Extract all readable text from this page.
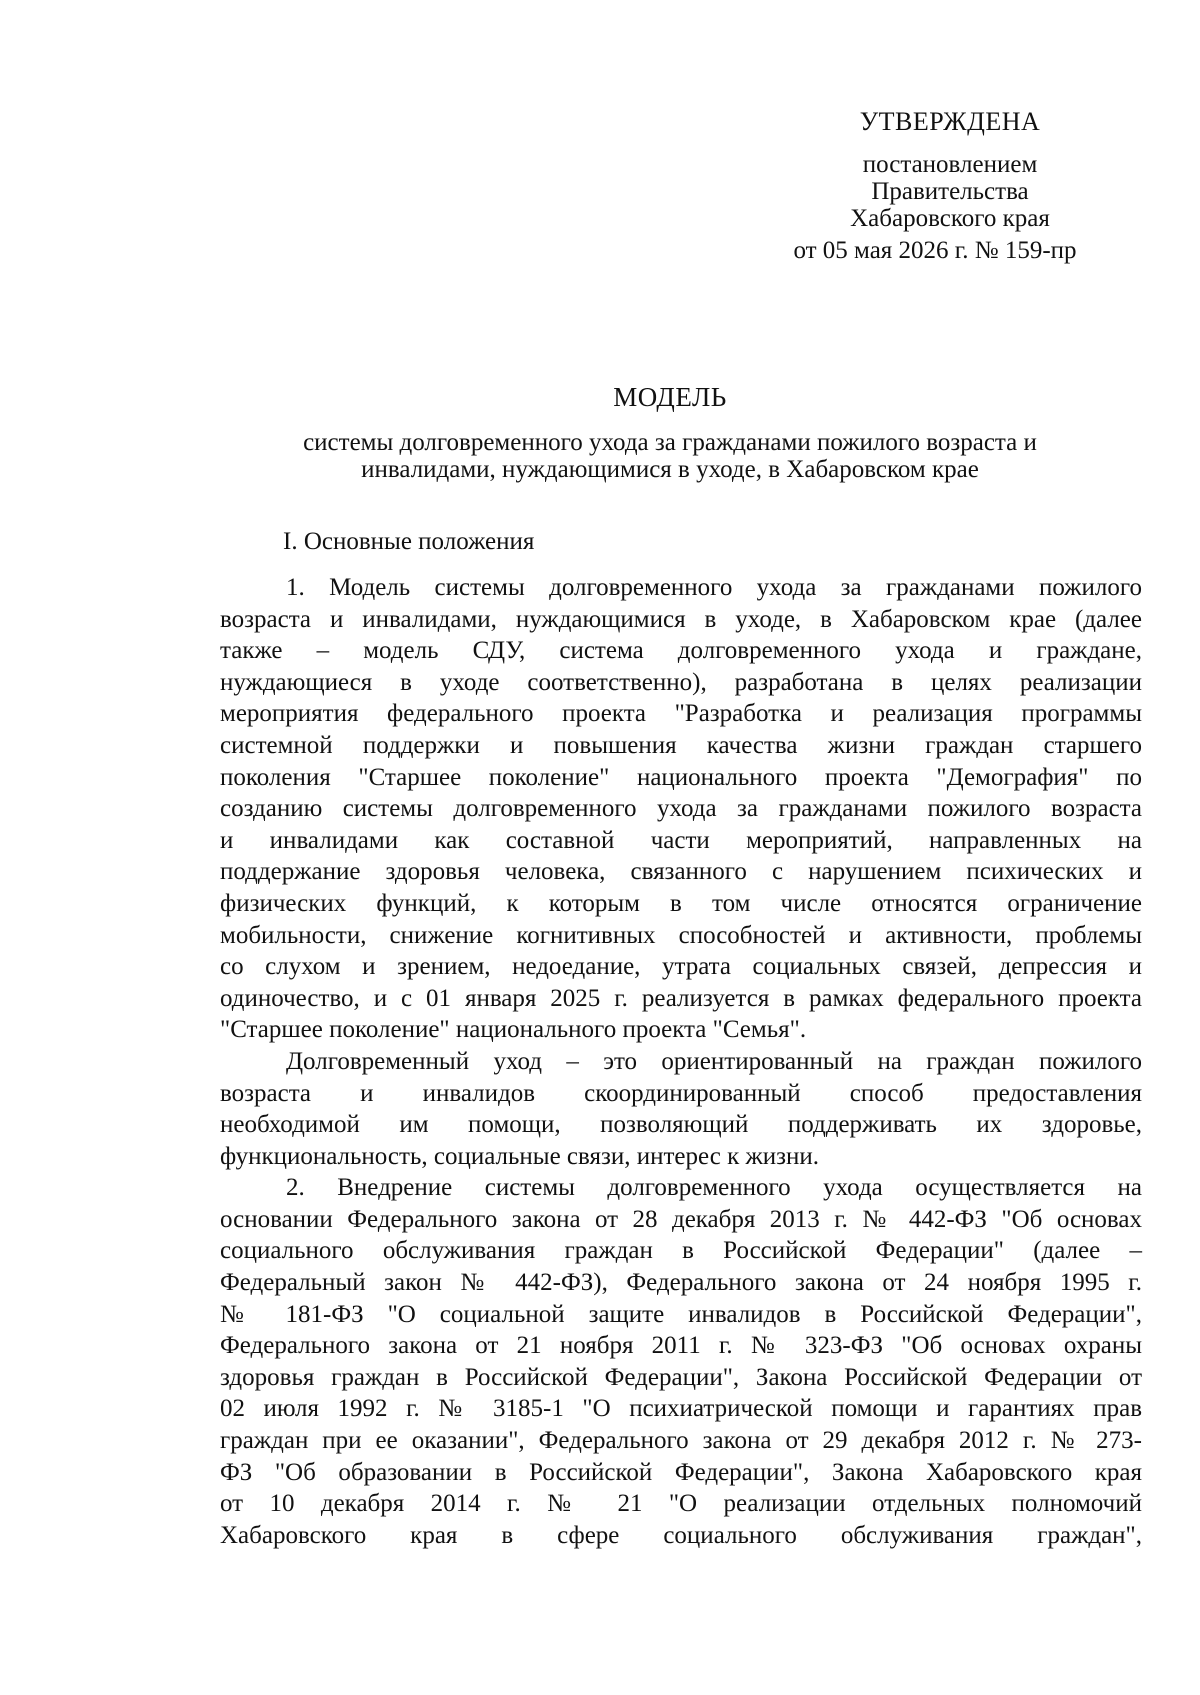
УТВЕРЖДЕНА
постановлением
Правительства
Хабаровского края
от 05 мая 2026 г. № 159-пр
МОДЕЛЬ
системы долговременного ухода за гражданами пожилого возраста и
инвалидами, нуждающимися в уходе, в Хабаровском крае
I. Основные положения
1. Модель системы долговременного ухода за гражданами пожилого
возраста и инвалидами, нуждающимися в уходе, в Хабаровском крае (далее
также – модель СДУ, система долговременного ухода и граждане,
нуждающиеся в уходе соответственно), разработана в целях реализации
мероприятия федерального проекта "Разработка и реализация программы
системной поддержки и повышения качества жизни граждан старшего
поколения "Старшее поколение" национального проекта "Демография" по
созданию системы долговременного ухода за гражданами пожилого возраста
и инвалидами как составной части мероприятий, направленных на
поддержание здоровья человека, связанного с нарушением психических и
физических функций, к которым в том числе относятся ограничение
мобильности, снижение когнитивных способностей и активности, проблемы
со слухом и зрением, недоедание, утрата социальных связей, депрессия и
одиночество, и с 01 января 2025 г. реализуется в рамках федерального проекта
"Старшее поколение" национального проекта "Семья".
Долговременный уход – это ориентированный на граждан пожилого
возраста и инвалидов скоординированный способ предоставления
необходимой им помощи, позволяющий поддерживать их здоровье,
функциональность, социальные связи, интерес к жизни.
2. Внедрение системы долговременного ухода осуществляется на
основании Федерального закона от 28 декабря 2013 г. № 442-ФЗ "Об основах
социального обслуживания граждан в Российской Федерации" (далее –
Федеральный закон № 442-ФЗ), Федерального закона от 24 ноября 1995 г.
№ 181-ФЗ "О социальной защите инвалидов в Российской Федерации",
Федерального закона от 21 ноября 2011 г. № 323-ФЗ "Об основах охраны
здоровья граждан в Российской Федерации", Закона Российской Федерации от
02 июля 1992 г. № 3185-1 "О психиатрической помощи и гарантиях прав
граждан при ее оказании", Федерального закона от 29 декабря 2012 г. № 273-
ФЗ "Об образовании в Российской Федерации", Закона Хабаровского края
от 10 декабря 2014 г. № 21 "О реализации отдельных полномочий
Хабаровского края в сфере социального обслуживания граждан",
